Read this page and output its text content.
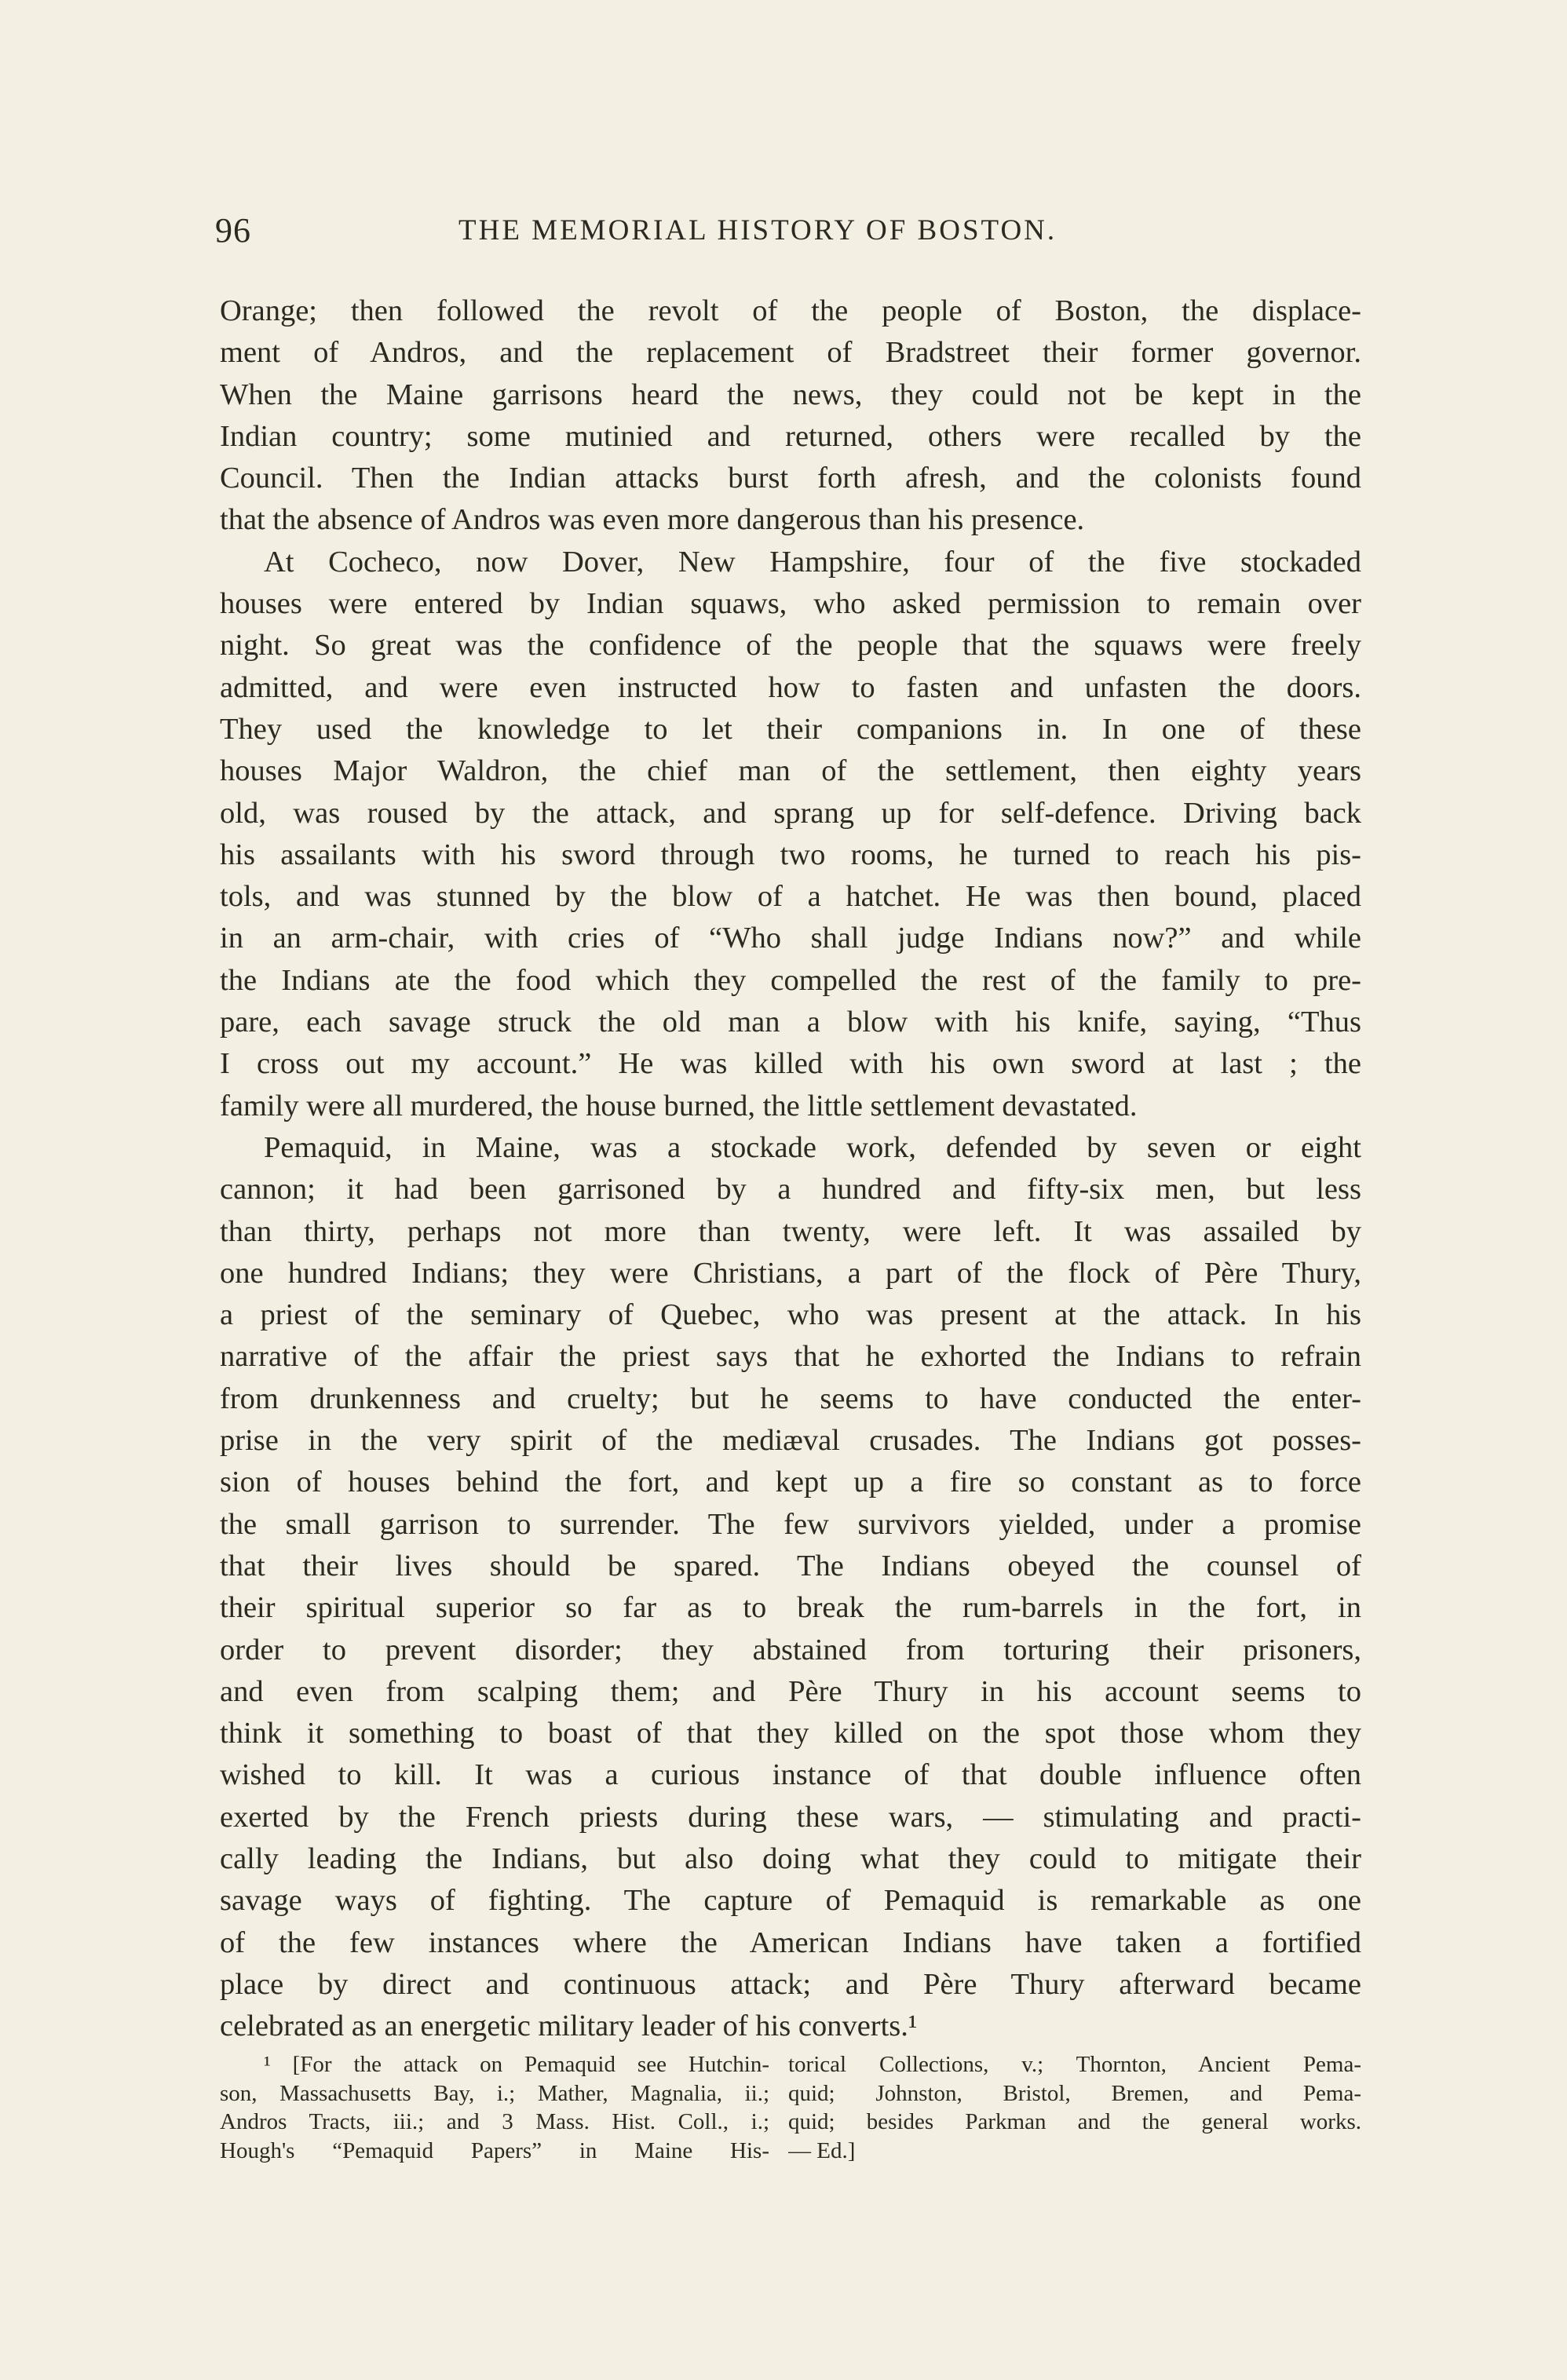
96	THE MEMORIAL HISTORY OF BOSTON.
Orange; then followed the revolt of the people of Boston, the displace-
ment of Andros, and the replacement of Bradstreet their former governor.
When the Maine garrisons heard the news, they could not be kept in the
Indian country; some mutinied and returned, others were recalled by the
Council. Then the Indian attacks burst forth afresh, and the colonists found
that the absence of Andros was even more dangerous than his presence.
At Cocheco, now Dover, New Hampshire, four of the five stockaded
houses were entered by Indian squaws, who asked permission to remain over
night. So great was the confidence of the people that the squaws were freely
admitted, and were even instructed how to fasten and unfasten the doors.
They used the knowledge to let their companions in. In one of these
houses Major Waldron, the chief man of the settlement, then eighty years
old, was roused by the attack, and sprang up for self-defence. Driving back
his assailants with his sword through two rooms, he turned to reach his pis-
tols, and was stunned by the blow of a hatchet. He was then bound, placed
in an arm-chair, with cries of “Who shall judge Indians now?” and while
the Indians ate the food which they compelled the rest of the family to pre-
pare, each savage struck the old man a blow with his knife, saying, “Thus
I cross out my account.” He was killed with his own sword at last ; the
family were all murdered, the house burned, the little settlement devastated.
Pemaquid, in Maine, was a stockade work, defended by seven or eight
cannon; it had been garrisoned by a hundred and fifty-six men, but less
than thirty, perhaps not more than twenty, were left. It was assailed by
one hundred Indians; they were Christians, a part of the flock of Père Thury,
a priest of the seminary of Quebec, who was present at the attack. In his
narrative of the affair the priest says that he exhorted the Indians to refrain
from drunkenness and cruelty; but he seems to have conducted the enter-
prise in the very spirit of the mediæval crusades. The Indians got posses-
sion of houses behind the fort, and kept up a fire so constant as to force
the small garrison to surrender. The few survivors yielded, under a promise
that their lives should be spared. The Indians obeyed the counsel of
their spiritual superior so far as to break the rum-barrels in the fort, in
order to prevent disorder; they abstained from torturing their prisoners,
and even from scalping them; and Père Thury in his account seems to
think it something to boast of that they killed on the spot those whom they
wished to kill. It was a curious instance of that double influence often
exerted by the French priests during these wars, — stimulating and practi-
cally leading the Indians, but also doing what they could to mitigate their
savage ways of fighting. The capture of Pemaquid is remarkable as one
of the few instances where the American Indians have taken a fortified
place by direct and continuous attack; and Père Thury afterward became
celebrated as an energetic military leader of his converts.¹
¹ [For the attack on Pemaquid see Hutchin-
son, Massachusetts Bay, i.; Mather, Magnalia, ii.;
Andros Tracts, iii.; and 3 Mass. Hist. Coll., i.;
Hough's “Pemaquid Papers” in Maine His-
torical Collections, v.; Thornton, Ancient Pema-
quid; Johnston, Bristol, Bremen, and Pema-
quid; besides Parkman and the general works.
— Ed.]
